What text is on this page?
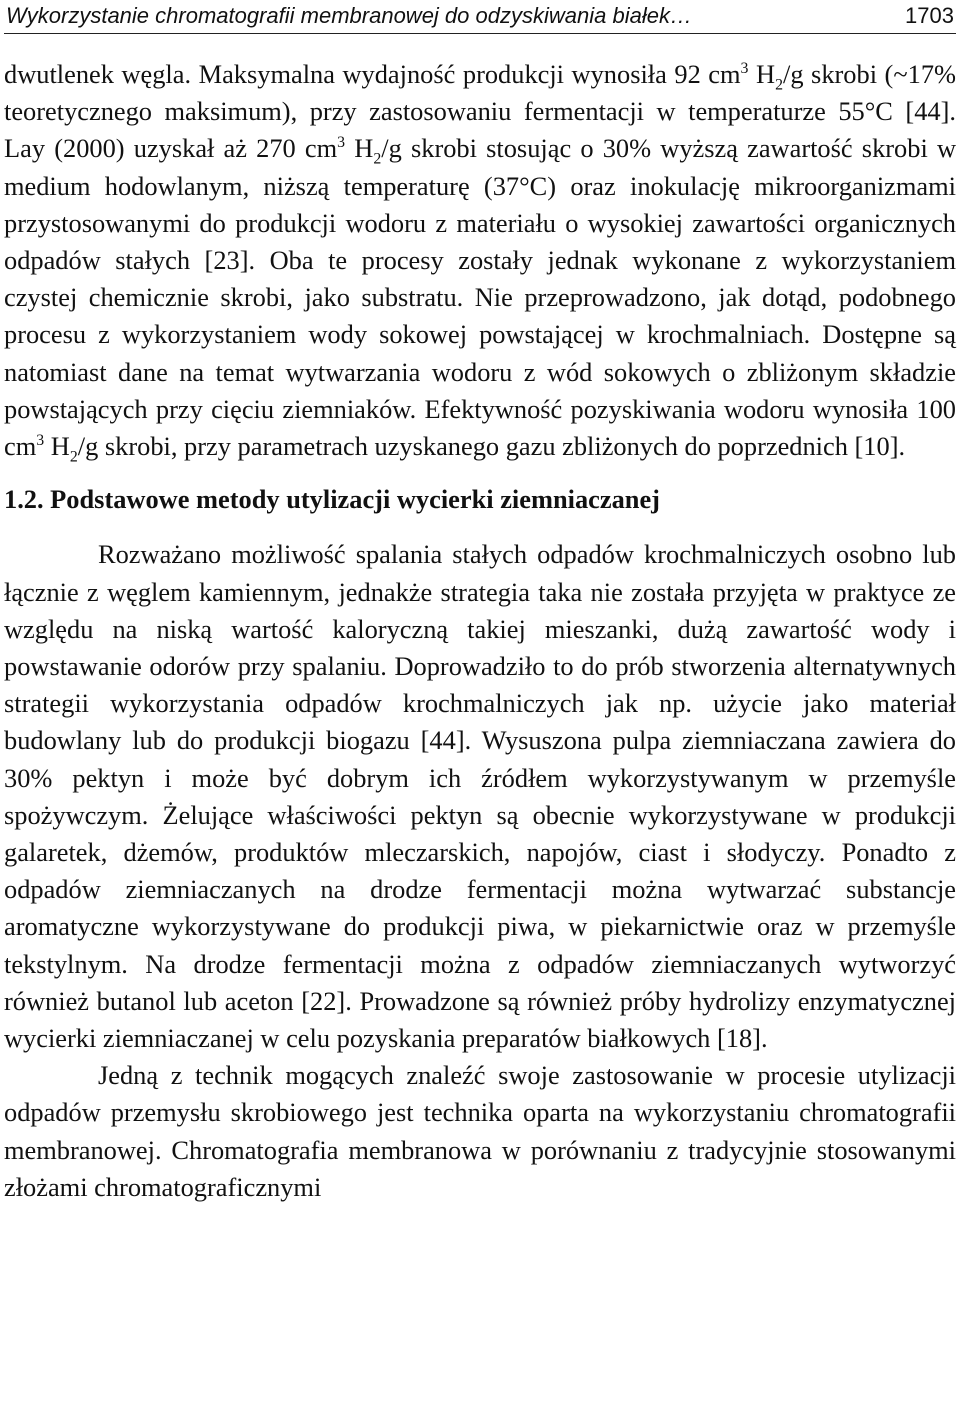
Wykorzystanie chromatografii membranowej do odzyskiwania białek…	1703

dwutlenek węgla. Maksymalna wydajność produkcji wynosiła 92 $cm^3$ $H_2/g$ skrobi (~17% teoretycznego maksimum), przy zastosowaniu fermentacji w temperaturze 55°C [44]. Lay (2000) uzyskał aż 270 $cm^3$ $H_2/g$ skrobi stosując o 30% wyższą zawartość skrobi w medium hodowlanym, niższą temperaturę (37°C) oraz inokulację mikroorganizmami przystosowanymi do produkcji wodoru z materiału o wysokiej zawartości organicznych odpadów stałych [23]. Oba te procesy zostały jednak wykonane z wykorzystaniem czystej chemicznie skrobi, jako substratu. Nie przeprowadzono, jak dotąd, podobnego procesu z wykorzystaniem wody sokowej powstającej w krochmalniach. Dostępne są natomiast dane na temat wytwarzania wodoru z wód sokowych o zbliżonym składzie powstających przy cięciu ziemniaków. Efektywność pozyskiwania wodoru wynosiła 100 $cm^3$ $H_2/g$ skrobi, przy parametrach uzyskanego gazu zbliżonych do poprzednich [10].

1.2. Podstawowe metody utylizacji wycierki ziemniaczanej

Rozważano możliwość spalania stałych odpadów krochmalniczych osobno lub łącznie z węglem kamiennym, jednakże strategia taka nie została przyjęta w praktyce ze względu na niską wartość kaloryczną takiej mieszanki, dużą zawartość wody i powstawanie odorów przy spalaniu. Doprowadziło to do prób stworzenia alternatywnych strategii wykorzystania odpadów krochmalniczych jak np. użycie jako materiał budowlany lub do produkcji biogazu [44]. Wysuszona pulpa ziemniaczana zawiera do 30% pektyn i może być dobrym ich źródłem wykorzystywanym w przemyśle spożywczym. Żelujące właściwości pektyn są obecnie wykorzystywane w produkcji galaretek, dżemów, produktów mleczarskich, napojów, ciast i słodyczy. Ponadto z odpadów ziemniaczanych na drodze fermentacji można wytwarzać substancje aromatyczne wykorzystywane do produkcji piwa, w piekarnictwie oraz w przemyśle tekstylnym. Na drodze fermentacji można z odpadów ziemniaczanych wytworzyć również butanol lub aceton [22]. Prowadzone są również próby hydrolizy enzymatycznej wycierki ziemniaczanej w celu pozyskania preparatów białkowych [18].

Jedną z technik mogących znaleźć swoje zastosowanie w procesie utylizacji odpadów przemysłu skrobiowego jest technika oparta na wykorzystaniu chromatografii membranowej. Chromatografia membranowa w porównaniu z tradycyjnie stosowanymi złożami chromatograficznymi
